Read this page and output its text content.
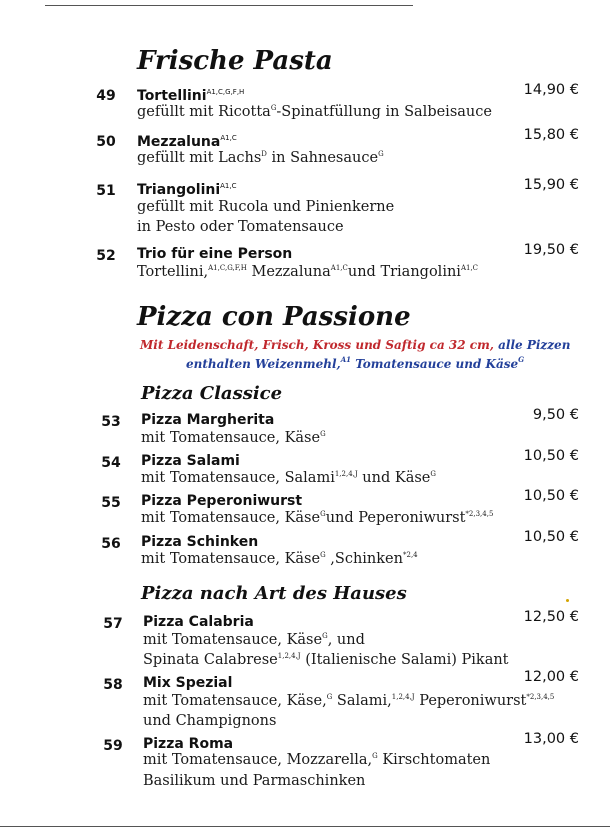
Frische Pasta
49	Tortellini$^{A1,C,G,F,H}$	14,90 €
gefüllt mit Ricotta$^G$-Spinatfüllung in Salbeisauce
50	Mezzaluna$^{A1,C}$	15,80 €
gefüllt mit Lachs$^D$ in Sahnesauce$^G$
51	Triangolini$^{A1,C}$	15,90 €
gefüllt mit Rucola und Pinienkerne
in Pesto oder Tomatensauce
52	Trio für eine Person	19,50 €
Tortellini,$^{A1,C,G,F,H}$ Mezzaluna$^{A1,C}$und Triangolini$^{A1,C}$
Pizza con Passione
Mit Leidenschaft, Frisch, Kross und Saftig ca 32 cm, alle Pizzen
enthalten Weizenmehl,$^{A1}$ Tomatensauce und Käse$^G$
Pizza Classice
53	Pizza Margherita	9,50 €
mit Tomatensauce, Käse$^G$
54	Pizza Salami	10,50 €
mit Tomatensauce, Salami$^{1,2,4,J}$ und Käse$^G$
55	Pizza Peperoniwurst	10,50 €
mit Tomatensauce, Käse$^G$und Peperoniwurst$^{*2,3,4,5}$
56	Pizza Schinken	10,50 €
mit Tomatensauce, Käse$^G$ ,Schinken$^{*2,4}$
Pizza nach Art des Hauses
57	Pizza Calabria	12,50 €
mit Tomatensauce, Käse$^G$, und
Spinata Calabrese$^{1,2,4,J}$ (Italienische Salami) Pikant
58	Mix Spezial	12,00 €
mit Tomatensauce, Käse,$^G$ Salami,$^{1,2,4,J}$ Peperoniwurst$^{*2,3,4,5}$
und Champignons
59	Pizza Roma	13,00 €
mit Tomatensauce, Mozzarella,$^G$ Kirschtomaten
Basilikum und Parmaschinken
